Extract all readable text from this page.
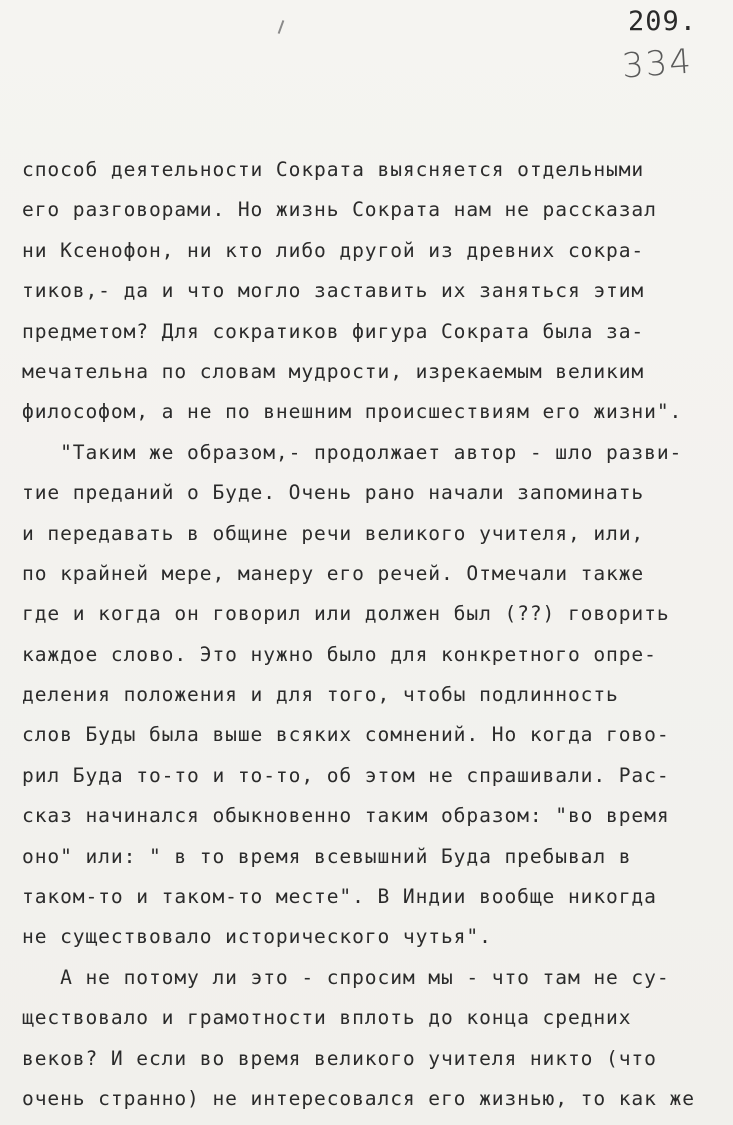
209.
334
способ деятельности Сократа выясняется отдельными
его разговорами. Но жизнь Сократа нам не рассказал
ни Ксенофон, ни кто либо другой из древних сокра-
тиков,- да и что могло заставить их заняться этим
предметом? Для сократиков фигура Сократа была за-
мечательна по словам мудрости, изрекаемым великим
философом, а не по внешним происшествиям его жизни".
"Таким же образом,- продолжает автор - шло разви-
тие преданий о Буде. Очень рано начали запоминать
и передавать в общине речи великого учителя, или,
по крайней мере, манеру его речей. Отмечали также
где и когда он говорил или должен был (??) говорить
каждое слово. Это нужно было для конкретного опре-
деления положения и для того, чтобы подлинность
слов Буды была выше всяких сомнений. Но когда гово-
рил Буда то-то и то-то, об этом не спрашивали. Рас-
сказ начинался обыкновенно таким образом: "во время
оно" или: " в то время всевышний Буда пребывал в
таком-то и таком-то месте". В Индии вообще никогда
не существовало исторического чутья".
А не потому ли это - спросим мы - что там не су-
ществовало и грамотности вплоть до конца средних
веков? И если во время великого учителя никто (что
очень странно) не интересовался его жизнью, то как же
